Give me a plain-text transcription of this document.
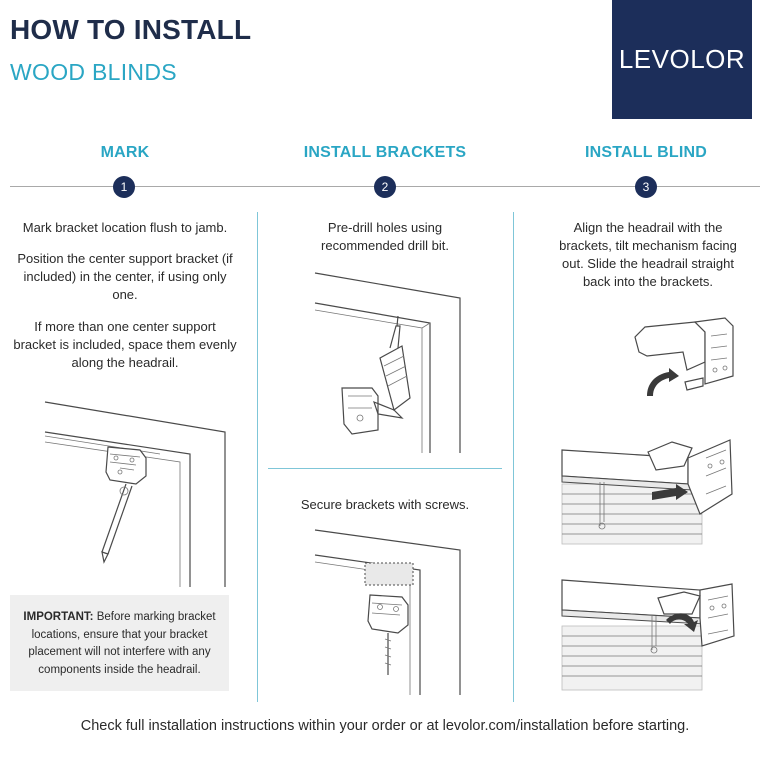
HOW TO INSTALL
WOOD BLINDS	LEVOLOR
MARK	INSTALL BRACKETS	INSTALL BLIND
1	2	3
Mark bracket location flush to jamb.
Position the center support bracket (if included) in the center, if using only one.
If more than one center support bracket is included, space them evenly along the headrail.
IMPORTANT: Before marking bracket locations, ensure that your bracket placement will not interfere with any components inside the headrail.
Pre-drill holes using recommended drill bit.
Secure brackets with screws.
Align the headrail with the brackets, tilt mechanism facing out. Slide the headrail straight back into the brackets.
Check full installation instructions within your order or at levolor.com/installation before starting.
